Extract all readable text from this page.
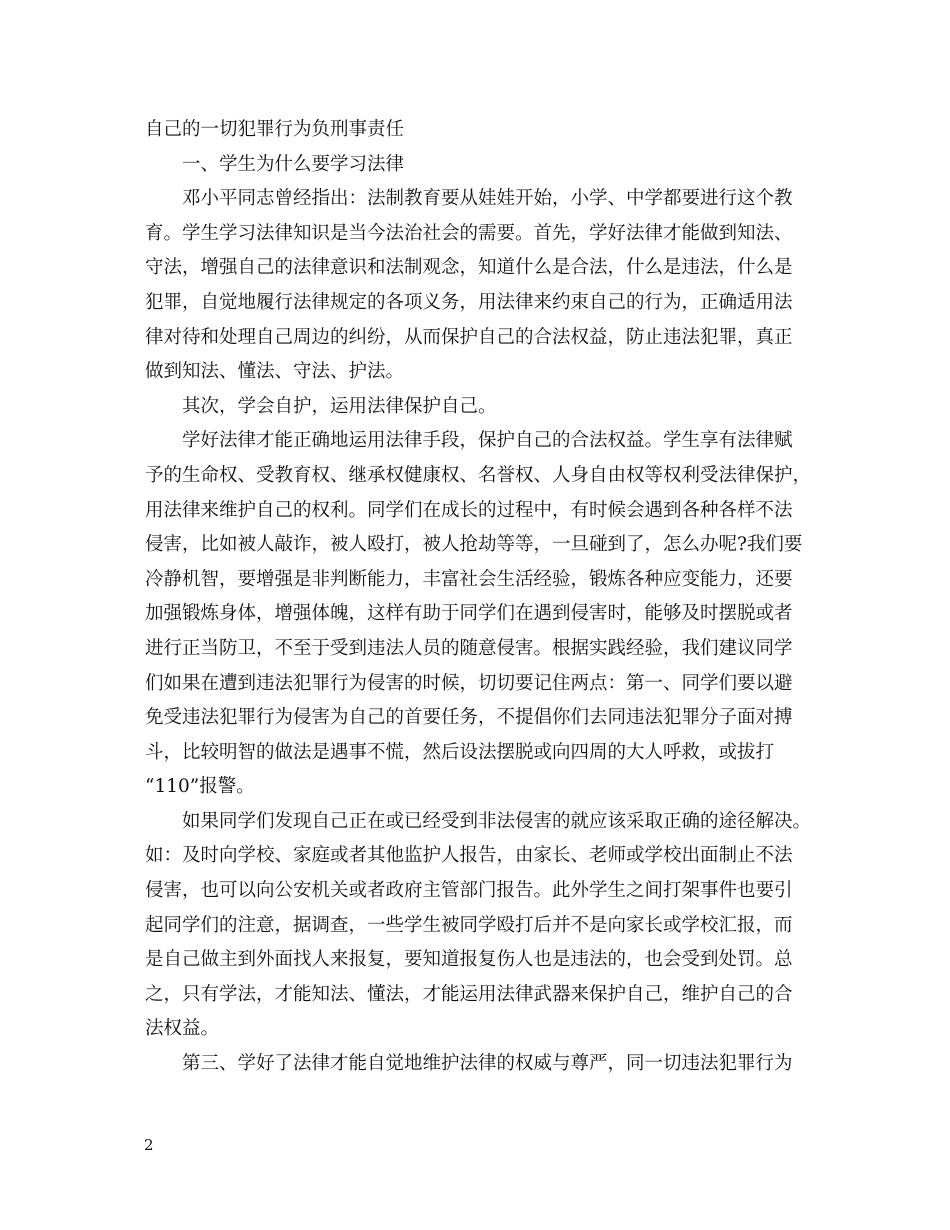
自己的一切犯罪行为负刑事责任
一、学生为什么要学习法律
邓小平同志曾经指出：法制教育要从娃娃开始，小学、中学都要进行这个教
育。学生学习法律知识是当今法治社会的需要。首先，学好法律才能做到知法、
守法，增强自己的法律意识和法制观念，知道什么是合法，什么是违法，什么是
犯罪，自觉地履行法律规定的各项义务，用法律来约束自己的行为，正确适用法
律对待和处理自己周边的纠纷，从而保护自己的合法权益，防止违法犯罪，真正
做到知法、懂法、守法、护法。
其次，学会自护，运用法律保护自己。
学好法律才能正确地运用法律手段，保护自己的合法权益。学生享有法律赋
予的生命权、受教育权、继承权健康权、名誉权、人身自由权等权利受法律保护，
用法律来维护自己的权利。同学们在成长的过程中，有时候会遇到各种各样不法
侵害，比如被人敲诈，被人殴打，被人抢劫等等，一旦碰到了，怎么办呢?我们要
冷静机智，要增强是非判断能力，丰富社会生活经验，锻炼各种应变能力，还要
加强锻炼身体，增强体魄，这样有助于同学们在遇到侵害时，能够及时摆脱或者
进行正当防卫，不至于受到违法人员的随意侵害。根据实践经验，我们建议同学
们如果在遭到违法犯罪行为侵害的时候，切切要记住两点：第一、同学们要以避
免受违法犯罪行为侵害为自己的首要任务，不提倡你们去同违法犯罪分子面对搏
斗，比较明智的做法是遇事不慌，然后设法摆脱或向四周的大人呼救，或拔打
“110”报警。
如果同学们发现自己正在或已经受到非法侵害的就应该采取正确的途径解决。
如：及时向学校、家庭或者其他监护人报告，由家长、老师或学校出面制止不法
侵害，也可以向公安机关或者政府主管部门报告。此外学生之间打架事件也要引
起同学们的注意，据调查，一些学生被同学殴打后并不是向家长或学校汇报，而
是自己做主到外面找人来报复，要知道报复伤人也是违法的，也会受到处罚。总
之，只有学法，才能知法、懂法，才能运用法律武器来保护自己，维护自己的合
法权益。
第三、学好了法律才能自觉地维护法律的权威与尊严，同一切违法犯罪行为
2
